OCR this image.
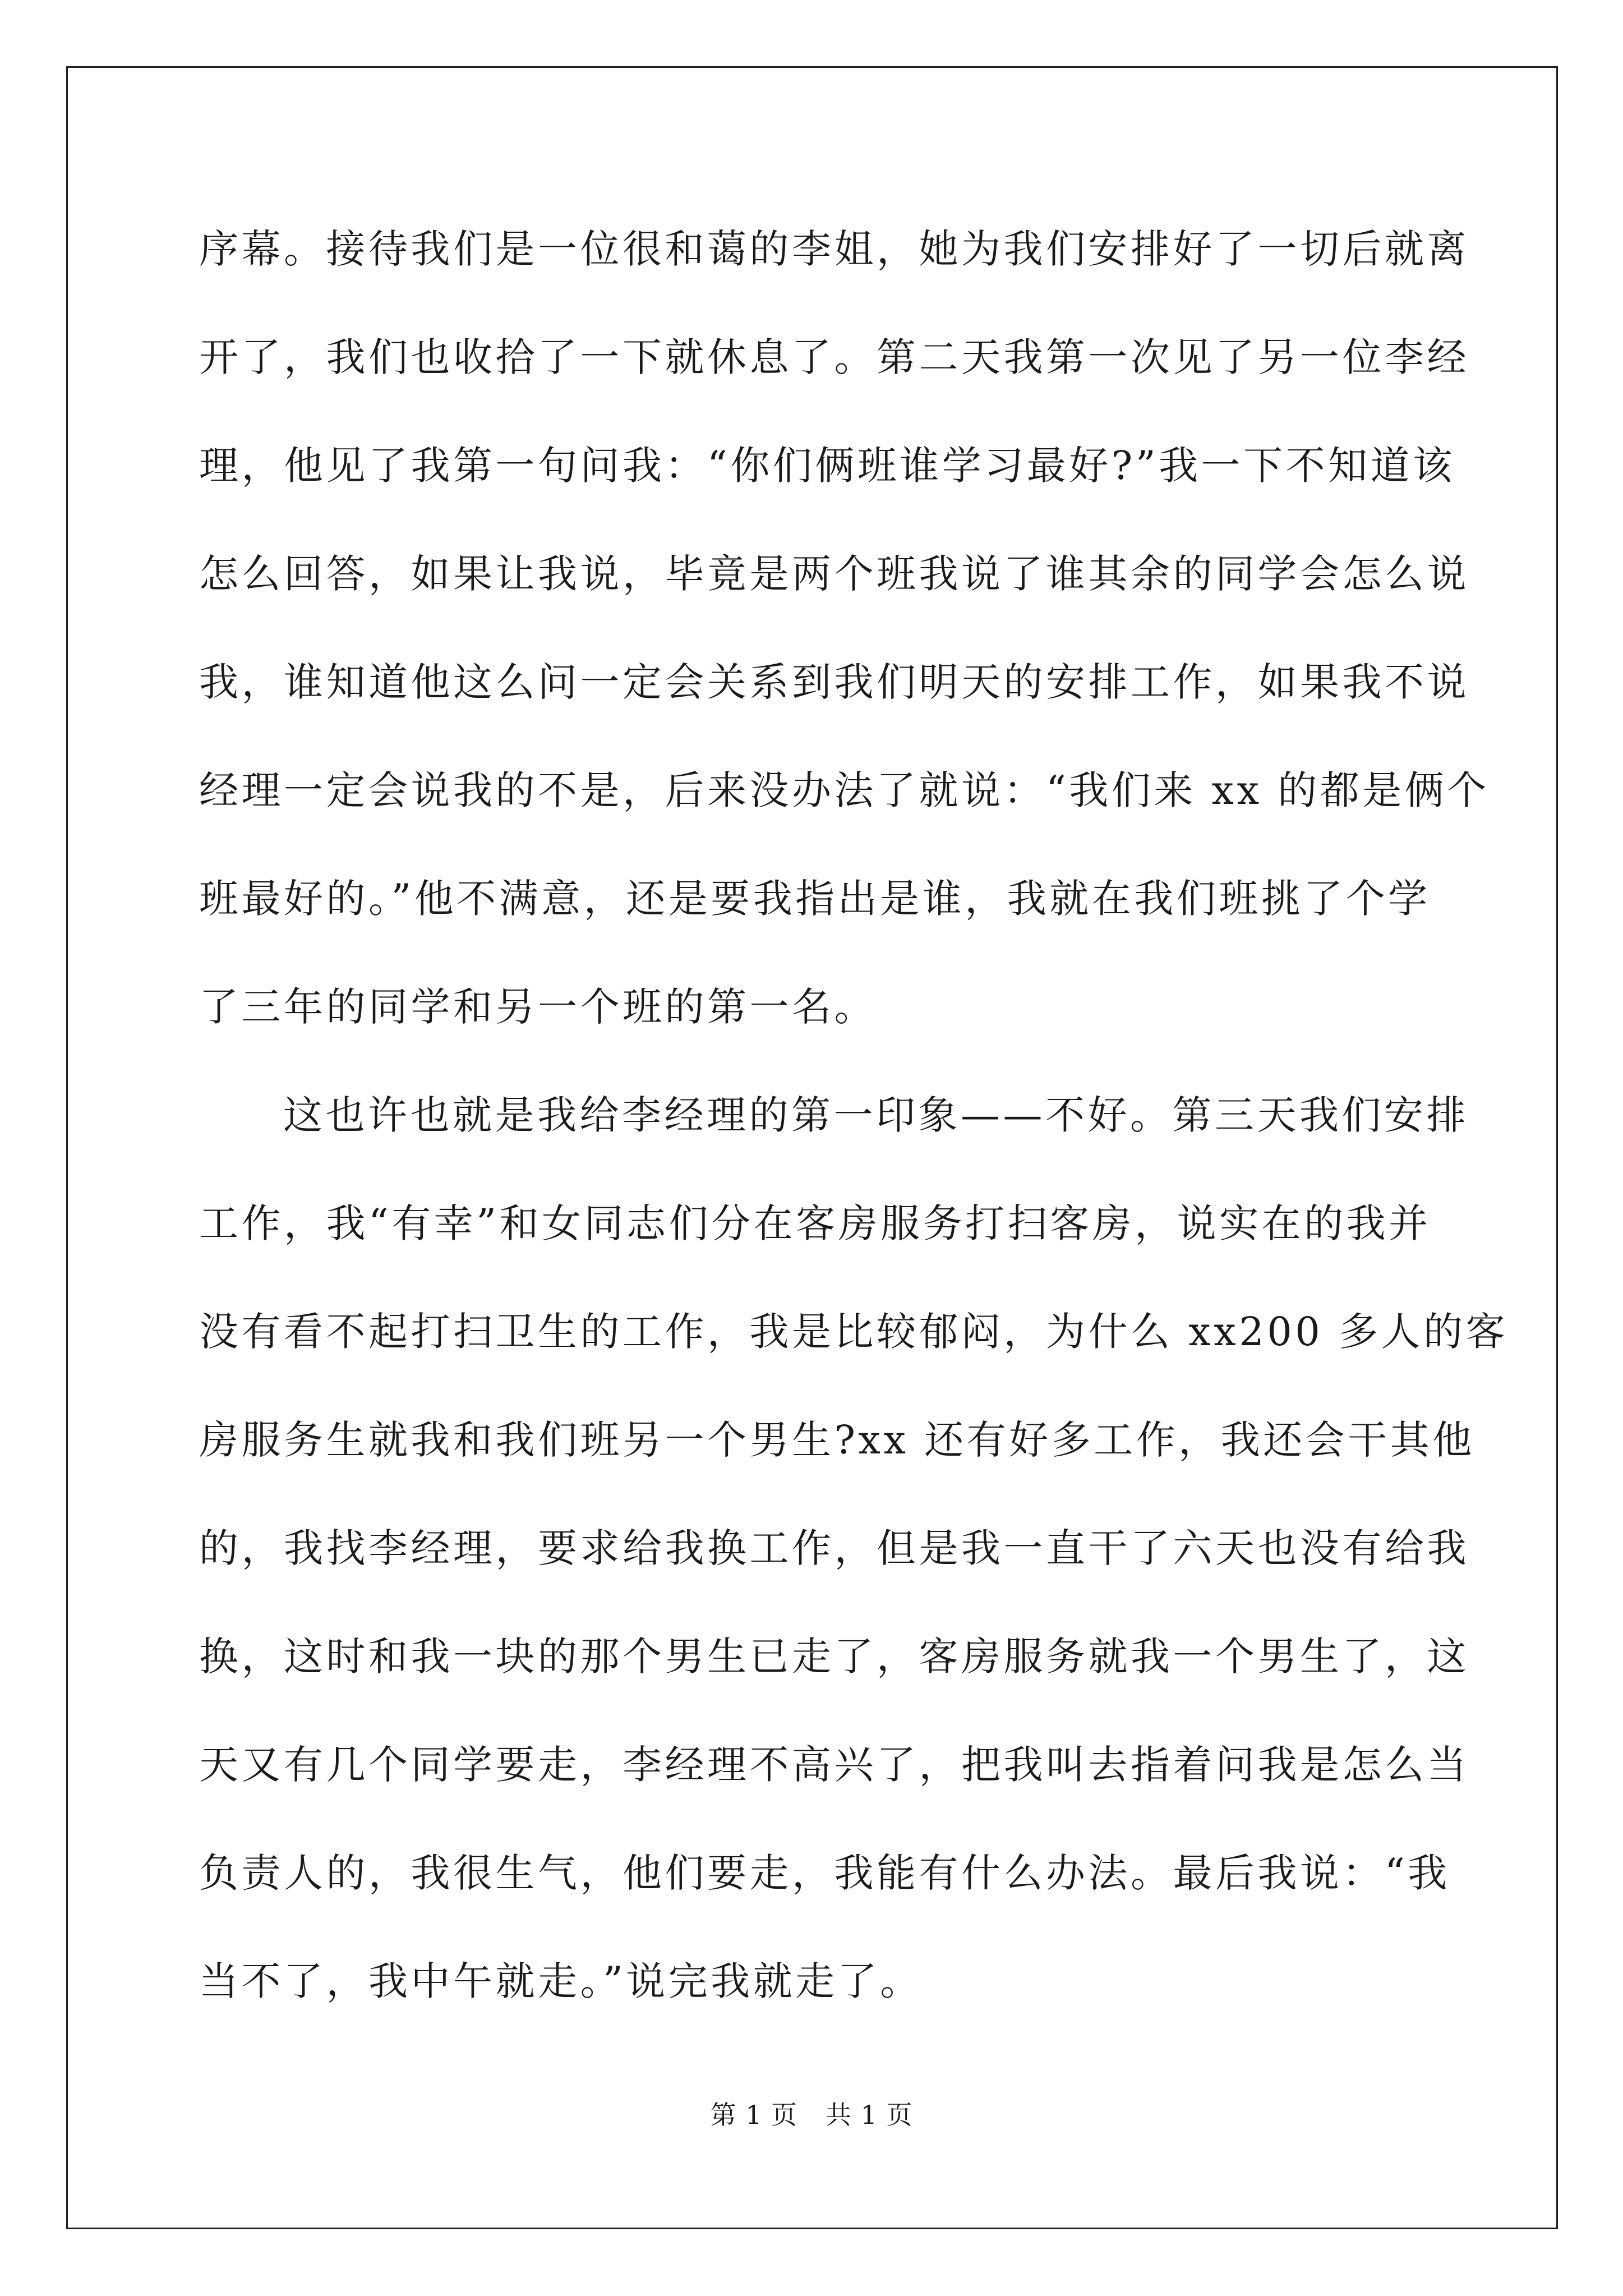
序幕。接待我们是一位很和蔼的李姐，她为我们安排好了一切后就离
开了，我们也收拾了一下就休息了。第二天我第一次见了另一位李经
理，他见了我第一句问我：“你们俩班谁学习最好?”我一下不知道该
怎么回答，如果让我说，毕竟是两个班我说了谁其余的同学会怎么说
我，谁知道他这么问一定会关系到我们明天的安排工作，如果我不说
经理一定会说我的不是，后来没办法了就说：“我们来 xx 的都是俩个
班最好的。”他不满意，还是要我指出是谁，我就在我们班挑了个学
了三年的同学和另一个班的第一名。
这也许也就是我给李经理的第一印象——不好。第三天我们安排
工作，我“有幸”和女同志们分在客房服务打扫客房，说实在的我并
没有看不起打扫卫生的工作，我是比较郁闷，为什么 xx200 多人的客
房服务生就我和我们班另一个男生?xx 还有好多工作，我还会干其他
的，我找李经理，要求给我换工作，但是我一直干了六天也没有给我
换，这时和我一块的那个男生已走了，客房服务就我一个男生了，这
天又有几个同学要走，李经理不高兴了，把我叫去指着问我是怎么当
负责人的，我很生气，他们要走，我能有什么办法。最后我说：“我
当不了，我中午就走。”说完我就走了。
第 1 页 共 1 页
